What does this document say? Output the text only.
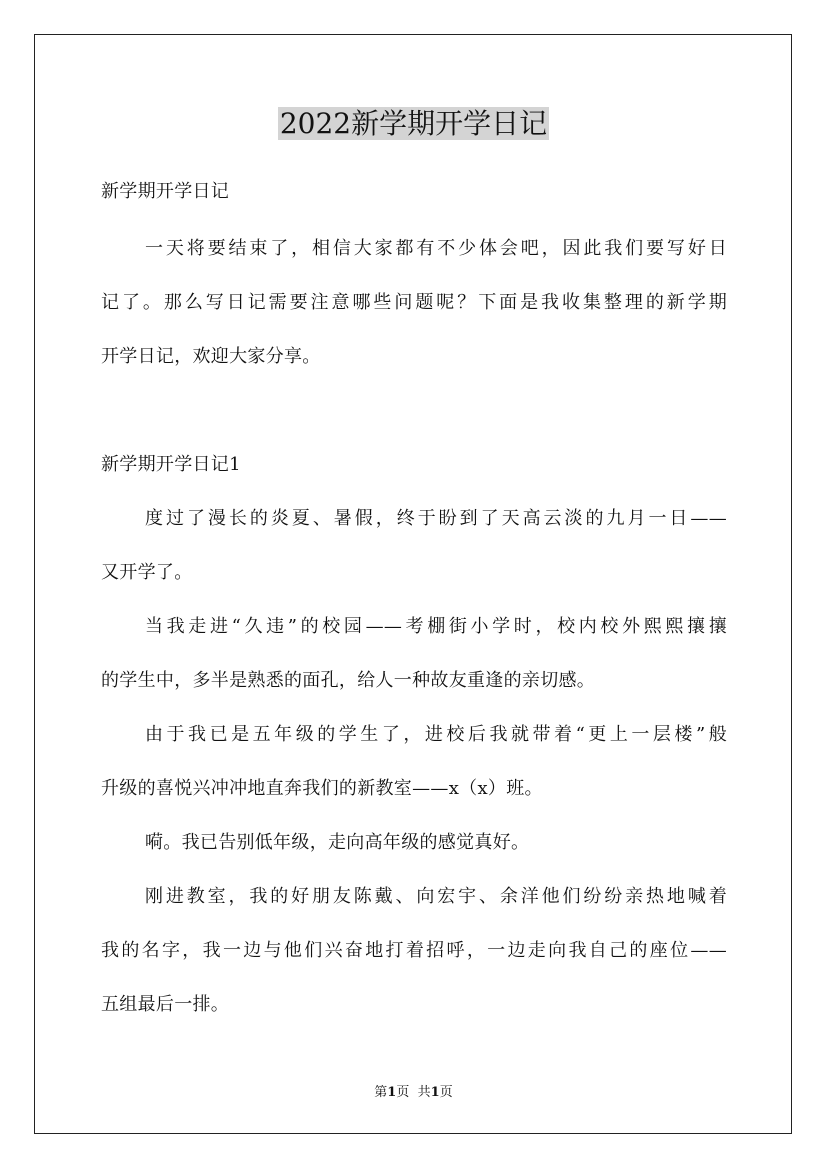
2022新学期开学日记
新学期开学日记
一天将要结束了，相信大家都有不少体会吧，因此我们要写好日
记了。那么写日记需要注意哪些问题呢？下面是我收集整理的新学期
开学日记，欢迎大家分享。
新学期开学日记1
度过了漫长的炎夏、暑假，终于盼到了天高云淡的九月一日——
又开学了。
当我走进“久违”的校园——考棚街小学时，校内校外熙熙攘攘
的学生中，多半是熟悉的面孔，给人一种故友重逢的亲切感。
由于我已是五年级的学生了，进校后我就带着“更上一层楼”般
升级的喜悦兴冲冲地直奔我们的新教室——x（x）班。
嗬。我已告别低年级，走向高年级的感觉真好。
刚进教室，我的好朋友陈戴、向宏宇、余洋他们纷纷亲热地喊着
我的名字，我一边与他们兴奋地打着招呼，一边走向我自己的座位——
五组最后一排。
第1页 共1页
